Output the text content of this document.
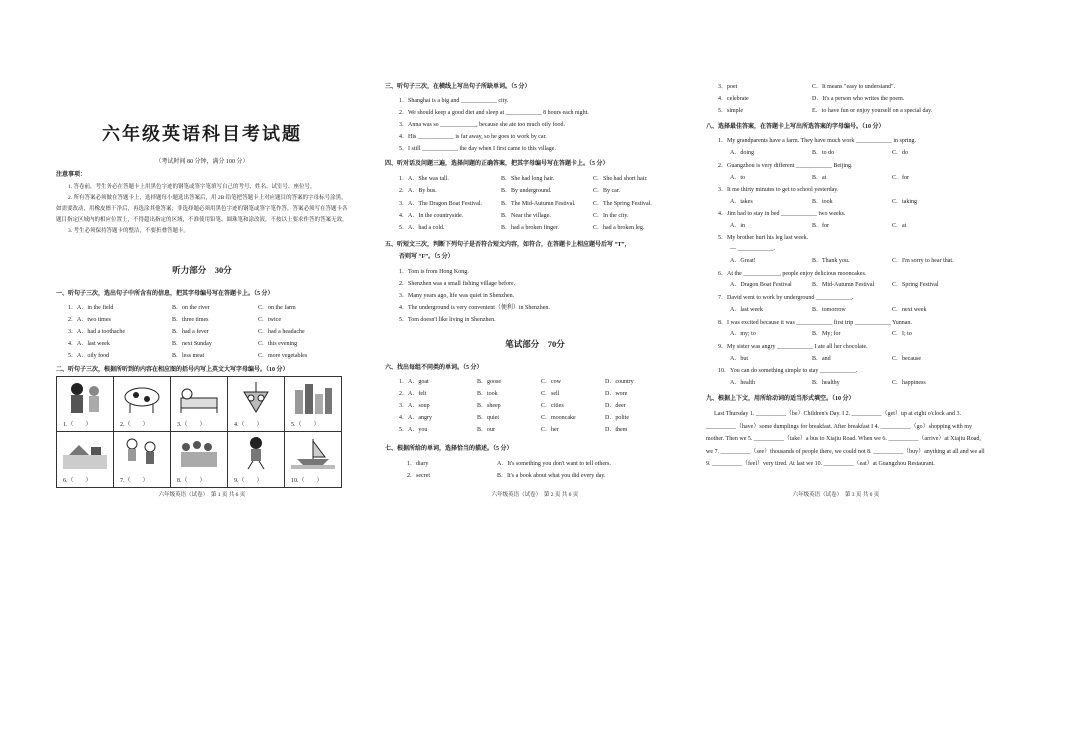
六年级英语科目考试题
（考试时间 80 分钟，满分 100 分）
注意事项：

1. 答卷前，考生务必在答题卡上用黑色字迹的钢笔或签字笔填写自己的考号、姓名、试室号、座位号。

2. 所有答案必须做在答题卡上，选择题每小题选出答案后，用 2B 铅笔把答题卡上对应题目的答案的字母标号涂黑。如需要改动，用橡皮擦干净后，再选涂其他答案；非选择题必须用黑色字迹的钢笔或签字笔作答，答案必须写在答题卡各题目指定区域内的相应位置上，不得超出指定的区域，不准使用铅笔、圆珠笔和涂改液。不按以上要求作答的答案无效。

3. 考生必须保持答题卡的整洁，不要折叠答题卡。

听力部分　30分
一、听句子三次，选出句子中所含有的信息，把其字母编号写在答题卡上。（5 分）
1．A．in the field	B．on the river	C．on the farm
2．A．two times	B．three times	C．twice
3．A．had a toothache	B．had a fever	C．had a headache
4．A．last week	B．next Sunday	C．this evening
5．A．oily food	B．less meat	C．more vegetables
二、听句子三次，根据所听到的内容在相应图的括号内写上英文大写字母编号。（10 分）
1.（　　）	2.（　　）	3.（　　）	4.（　　）	5.（　　）
6.（　　）	7.（　　）	8.（　　）	9.（　　）	10.（　　）
六年级英语（试卷）　第 1 页 共 6 页
三、听句子三次，在横线上写出句子所缺单词。（5 分）
1．Shanghai is a big and ____________ city.
2．We should keep a good diet and sleep at ____________ 8 hours each night.
3．Anna was so ____________, because she ate too much oily food.
4．His ____________ is far away, so he goes to work by car.
5．I still ____________ the day when I first came to this village.
四、听对话及问题三遍，选择问题的正确答案，把其字母编号写在答题卡上。（5 分）
1．A．She was tall.	B．She had long hair.	C．She had short hair.
2．A．By bus.	B．By underground.	C．By car.
3．A．The Dragon Boat Festival.	B．The Mid-Autumn Festival.	C．The Spring Festival.
4．A．In the countryside.	B．Near the village.	C．In the city.
5．A．had a cold.	B．had a broken finger.	C．had a broken leg.
五、听短文三次，判断下列句子是否符合短文内容，如符合，在答题卡上相应题号后写 “T”，
否则写 “F”。（5 分）
1．Tom is from Hong Kong.
2．Shenzhen was a small fishing village before.
3．Many years ago, life was quiet in Shenzhen.
4．The underground is very convenient（便利）in Shenzhen.
5．Tom doesn't like living in Shenzhen.
笔试部分　70分
六、找出每组不同类的单词。（5 分）
1．A．goat	B．goose	C．cow	D．country
2．A．felt	B．took	C．sell	D．wore
3．A．soup	B．sheep	C．cities	D．deer
4．A．angry	B．quiet	C．mooncake	D．polite
5．A．you	B．our	C．her	D．them
七、根据所给的单词，选择恰当的描述。（5 分）
1．diary	A．It's something you don't want to tell others.
2．secret	B．It's a book about what you did every day.
六年级英语（试卷）　第 2 页 共 6 页
3．poet	C．It means "easy to understand".
4．celebrate	D．It's a person who writes the poem.
5．simple	E．to have fun or enjoy yourself on a special day.
八、选择最佳答案，在答题卡上写出所选答案的字母编号。（10 分）
1．My grandparents have a farm. They have much work ____________ in spring.
A．doing	B．to do	C．do
2．Guangzhou is very different ____________ Beijing.
A．to	B．at	C．for
3．It me thirty minutes to get to school yesterday.
A．takes	B．took	C．taking
4．Jim had to stay in bed ____________ two weeks.
A．in	B．for	C．at
5．My brother hurt his leg last week.
— ____________.
A．Great!	B．Thank you.	C．I'm sorry to hear that.
6．At the ____________, people enjoy delicious mooncakes.
A．Dragon Boat Festival	B．Mid-Autumn Festival	C．Spring Festival
7．David went to work by underground ____________.
A．last week	B．tomorrow	C．next week
8．I was excited because it was ____________ first trip ____________ Yunnan.
A．my; to	B．My; for	C．I; to
9．My sister was angry ____________ I ate all her chocolate.
A．but	B．and	C．because
10．You can do something simple to stay ____________.
A．health	B．healthy	C．happiness
九、根据上下文，用所给动词的适当形式填空。（10 分）

Last Thursday 1. __________（be）Children's Day. I 2. __________（get）up at eight o'clock and 3. __________（have）some dumplings for breakfast. After breakfast I 4. __________（go）shopping with my mother. Then we 5. __________（take）a bus to Xiajiu Road. When we 6. __________（arrive）at Xiajiu Road, we 7. __________（see）thousands of people there, we could not 8. __________（buy）anything at all and we all 9. __________（feel）very tired. At last we 10. __________（eat）at Guangzhou Restaurant.

六年级英语（试卷）　第 3 页 共 6 页
